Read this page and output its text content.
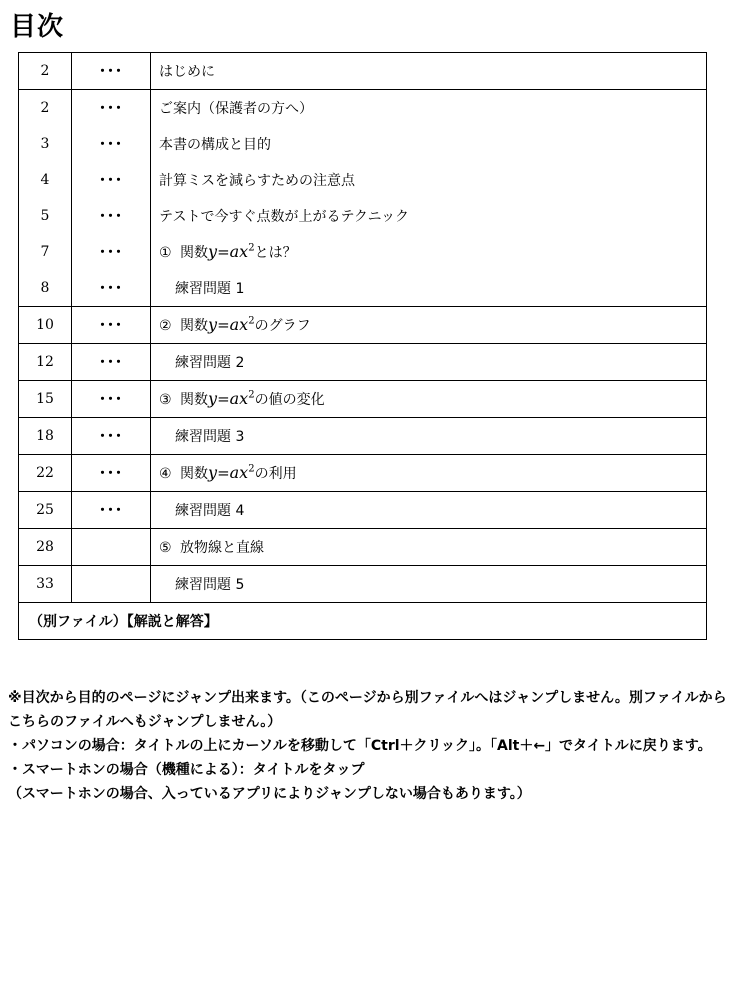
目次
2	･･･	はじめに
2	･･･	ご案内（保護者の方へ）
3	･･･	本書の構成と目的
4	･･･	計算ミスを減らすための注意点
5	･･･	テストで今すぐ点数が上がるテクニック
7	･･･	① 関数$y=ax^2$とは？
8	･･･	練習問題 1
10	･･･	② 関数$y=ax^2$のグラフ
12	･･･	練習問題 2
15	･･･	③ 関数$y=ax^2$の値の変化
18	･･･	練習問題 3
22	･･･	④ 関数$y=ax^2$の利用
25	･･･	練習問題 4
28		⑤ 放物線と直線
33		練習問題 5
（別ファイル）【解説と解答】		

※目次から目的のページにジャンプ出来ます。（このページから別ファイルへはジャンプしません。別ファイルからこちらのファイルへもジャンプしません。）

・パソコンの場合：タイトルの上にカーソルを移動して「Ctrl＋クリック」。「Alt＋←」でタイトルに戻ります。

・スマートホンの場合（機種による）：タイトルをタップ

（スマートホンの場合、入っているアプリによりジャンプしない場合もあります。）
